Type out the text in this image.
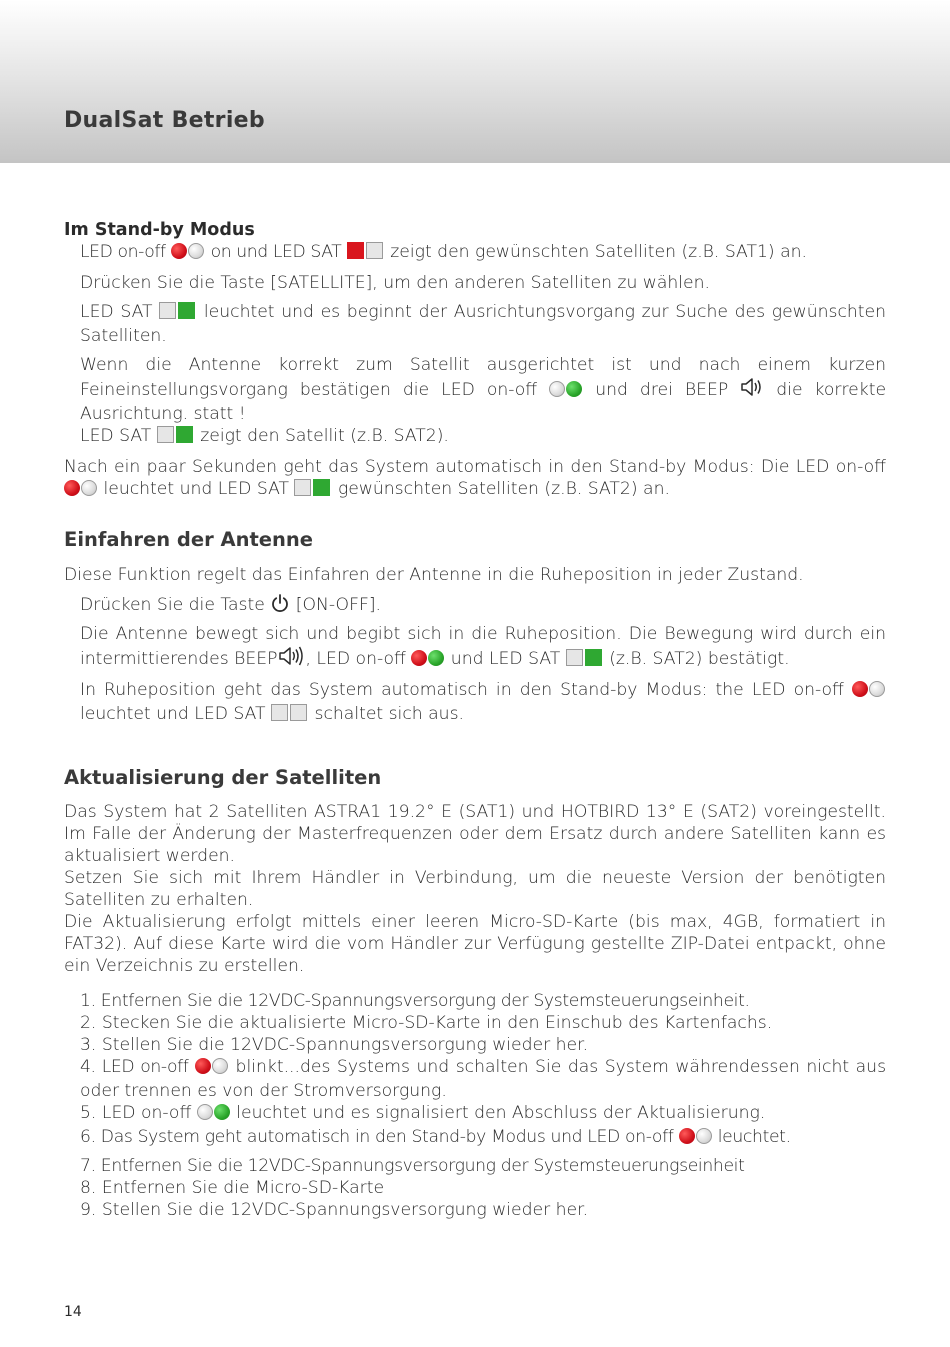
DualSat Betrieb
Im Stand-by Modus

LED on-off	on und LED SAT	zeigt den gewünschten Satelliten (z.B. SAT1) an.

Drücken Sie die Taste [SATELLITE], um den anderen Satelliten zu wählen.

LED SAT	leuchtet und es beginnt der Ausrichtungsvorgang zur Suche des gewünschten Satelliten.

Wenn die Antenne korrekt zum Satellit ausgerichtet ist und nach einem kurzen Feineinstellungsvorgang bestätigen die LED on-off	und drei BEEP	die korrekte Ausrichtung. statt !

LED SAT	zeigt den Satellit (z.B. SAT2).

Nach ein paar Sekunden geht das System automatisch in den Stand-by Modus: Die LED on-off  leuchtet und LED SAT	gewünschten Satelliten (z.B. SAT2) an.

Einfahren der Antenne

Diese Funktion regelt das Einfahren der Antenne in die Ruheposition in jeder Zustand.

Drücken Sie die Taste [ON-OFF].

Die Antenne bewegt sich und begibt sich in die Ruheposition. Die Bewegung wird durch ein intermittierendes BEEP , LED on-off	und LED SAT	(z.B. SAT2) bestätigt.

In Ruheposition geht das System automatisch in den Stand-by Modus: the LED on-off  leuchtet und LED SAT	schaltet sich aus.

Aktualisierung der Satelliten

Das System hat 2 Satelliten ASTRA1 19.2° E (SAT1) und HOTBIRD 13° E (SAT2) voreingestellt. Im Falle der Änderung der Masterfrequenzen oder dem Ersatz durch andere Satelliten kann es aktualisiert werden.

Setzen Sie sich mit Ihrem Händler in Verbindung, um die neueste Version der benötigten Satelliten zu erhalten.

Die Aktualisierung erfolgt mittels einer leeren Micro-SD-Karte (bis max, 4GB, formatiert in FAT32). Auf diese Karte wird die vom Händler zur Verfügung gestellte ZIP-Datei entpackt, ohne ein Verzeichnis zu erstellen.

1. Entfernen Sie die 12VDC-Spannungsversorgung der Systemsteuerungseinheit.

2. Stecken Sie die aktualisierte Micro-SD-Karte in den Einschub des Kartenfachs.

3. Stellen Sie die 12VDC-Spannungsversorgung wieder her.

4. LED on-off	blinkt...des Systems und schalten Sie das System währendessen nicht aus oder trennen es von der Stromversorgung.

5. LED on-off	leuchtet und es signalisiert den Abschluss der Aktualisierung.

6. Das System geht automatisch in den Stand-by Modus und LED on-off	leuchtet.

7. Entfernen Sie die 12VDC-Spannungsversorgung der Systemsteuerungseinheit

8. Entfernen Sie die Micro-SD-Karte

9. Stellen Sie die 12VDC-Spannungsversorgung wieder her.

14
